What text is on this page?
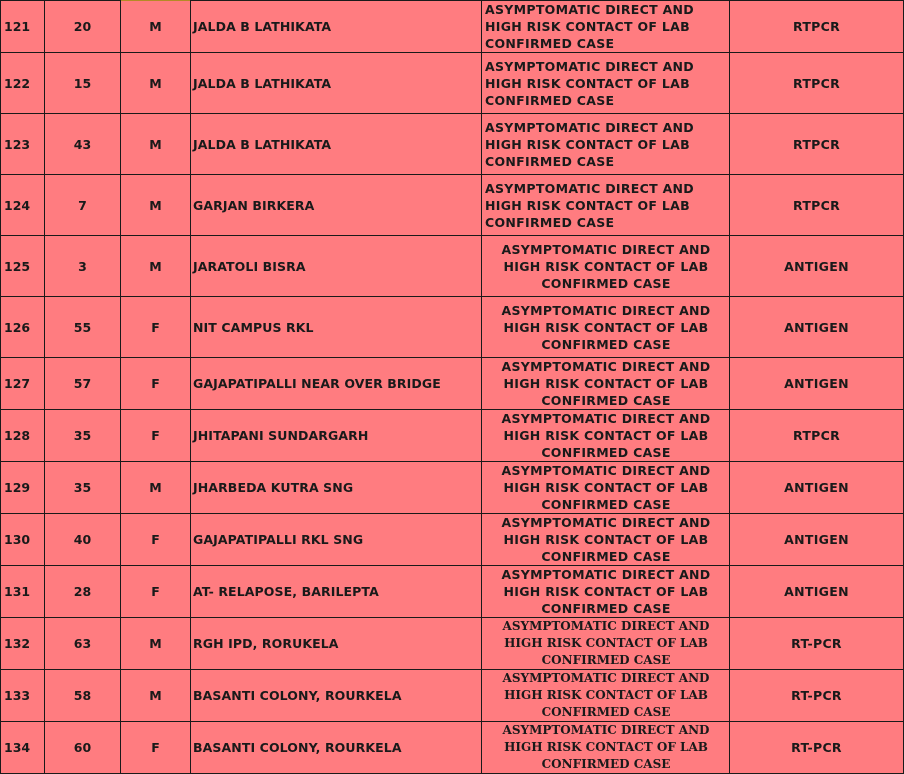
121	20	M	JALDA B LATHIKATA	ASYMPTOMATIC DIRECT AND HIGH RISK CONTACT OF LAB CONFIRMED CASE	RTPCR
122	15	M	JALDA B LATHIKATA	ASYMPTOMATIC DIRECT AND HIGH RISK CONTACT OF LAB CONFIRMED CASE	RTPCR
123	43	M	JALDA B LATHIKATA	ASYMPTOMATIC DIRECT AND HIGH RISK CONTACT OF LAB CONFIRMED CASE	RTPCR
124	7	M	GARJAN BIRKERA	ASYMPTOMATIC DIRECT AND HIGH RISK CONTACT OF LAB CONFIRMED CASE	RTPCR
125	3	M	JARATOLI BISRA	ASYMPTOMATIC DIRECT AND HIGH RISK CONTACT OF LAB CONFIRMED CASE	ANTIGEN
126	55	F	NIT CAMPUS RKL	ASYMPTOMATIC DIRECT AND HIGH RISK CONTACT OF LAB CONFIRMED CASE	ANTIGEN
127	57	F	GAJAPATIPALLI NEAR OVER BRIDGE	ASYMPTOMATIC DIRECT AND HIGH RISK CONTACT OF LAB CONFIRMED CASE	ANTIGEN
128	35	F	JHITAPANI SUNDARGARH	ASYMPTOMATIC DIRECT AND HIGH RISK CONTACT OF LAB CONFIRMED CASE	RTPCR
129	35	M	JHARBEDA KUTRA SNG	ASYMPTOMATIC DIRECT AND HIGH RISK CONTACT OF LAB CONFIRMED CASE	ANTIGEN
130	40	F	GAJAPATIPALLI RKL SNG	ASYMPTOMATIC DIRECT AND HIGH RISK CONTACT OF LAB CONFIRMED CASE	ANTIGEN
131	28	F	AT- RELAPOSE, BARILEPTA	ASYMPTOMATIC DIRECT AND HIGH RISK CONTACT OF LAB CONFIRMED CASE	ANTIGEN
132	63	M	RGH IPD, RORUKELA	ASYMPTOMATIC DIRECT AND HIGH RISK CONTACT OF LAB CONFIRMED CASE	RT-PCR
133	58	M	BASANTI COLONY, ROURKELA	ASYMPTOMATIC DIRECT AND HIGH RISK CONTACT OF LAB CONFIRMED CASE	RT-PCR
134	60	F	BASANTI COLONY, ROURKELA	ASYMPTOMATIC DIRECT AND HIGH RISK CONTACT OF LAB CONFIRMED CASE	RT-PCR
